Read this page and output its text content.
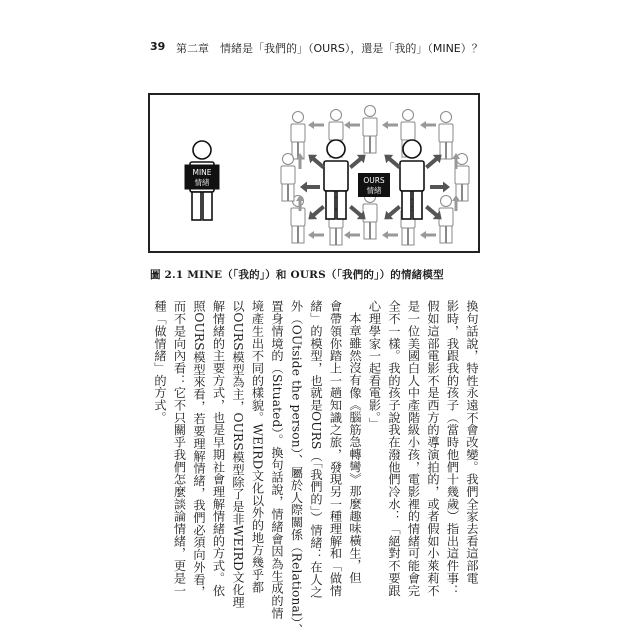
39 第二章　情緒是「我們的」（OURS），還是「我的」（MINE）？
MINE
情緒	OURS
情緒
圖 2.1 MINE（「我的」）和 OURS（「我們的」）的情緒模型
換句話說，特性永遠不會改變。我們全家去看這部電
影時，我跟我的孩子（當時他們十幾歲）指出這件事：
假如這部電影不是西方的導演拍的，或者假如小萊莉不
是一位美國白人中產階級小孩，電影裡的情緒可能會完
全不一樣。我的孩子說我在潑他們冷水：「絕對不要跟
心理學家一起看電影。」
本章雖然沒有像《腦筋急轉彎》那麼趣味橫生，但
會帶領你踏上一趟知識之旅，發現另一種理解和「做情
緒」的模型，也就是OURS（「我們的」）情緒：在人之
外（OUtside the person）、屬於人際關係（Relational）、
置身情境的（Situated）。換句話說，情緒會因為生成的情
境產生出不同的樣貌。WEIRD文化以外的地方幾乎都
以OURS模型為主，OURS模型除了是非WEIRD文化理
解情緒的主要方式，也是早期社會理解情緒的方式。依
照OURS模型來看，若要理解情緒，我們必須向外看，
而不是向內看：它不只關乎我們怎麼談論情緒，更是一
種「做情緒」的方式。
